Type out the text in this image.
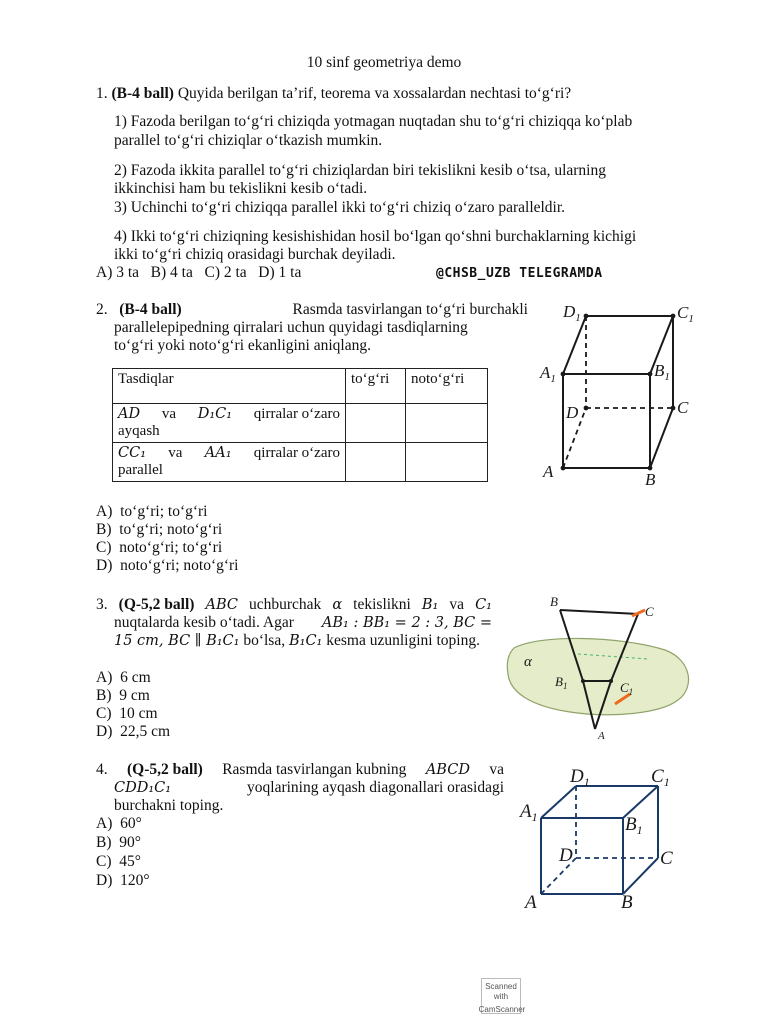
10 sinf geometriya demo
1. (B-4 ball) Quyida berilgan ta’rif, teorema va xossalardan nechtasi to‘g‘ri?
1) Fazoda berilgan to‘g‘ri chiziqda yotmagan nuqtadan shu to‘g‘ri chiziqqa ko‘plab
parallel to‘g‘ri chiziqlar o‘tkazish mumkin.
2) Fazoda ikkita parallel to‘g‘ri chiziqlardan biri tekislikni kesib o‘tsa, ularning
ikkinchisi ham bu tekislikni kesib o‘tadi.
3) Uchinchi to‘g‘ri chiziqqa parallel ikki to‘g‘ri chiziq o‘zaro paralleldir.
4) Ikki to‘g‘ri chiziqning kesishishidan hosil bo‘lgan qo‘shni burchaklarning kichigi
ikki to‘g‘ri chiziq orasidagi burchak deyiladi.
A) 3 ta   B) 4 ta   C) 2 ta   D) 1 ta	@CHSB_UZB TELEGRAMDA
2. (B-4 ball)	Rasmda tasvirlangan to‘g‘ri burchakli
parallelepipedning qirralari uchun quyidagi tasdiqlarning
to‘g‘ri yoki noto‘g‘ri ekanligini aniqlang.
Tasdiqlar	to‘g‘ri	noto‘g‘ri

AD va D₁C₁ qirralar o‘zaro
ayqash		

CC₁ va AA₁ qirralar o‘zaro
parallel		

A)  to‘g‘ri; to‘g‘ri
B)  to‘g‘ri; noto‘g‘ri
C)  noto‘g‘ri; to‘g‘ri
D)  noto‘g‘ri; noto‘g‘ri
$D_1$	$C_1$
$A_1$	$B_1$
D	C
A	B
3. (Q-5,2 ball) ABC uchburchak α tekislikni B₁ va C₁
nuqtalarda kesib o‘tadi. Agar AB₁ : BB₁ = 2 : 3, BC =
15 cm, BC ∥ B₁C₁ bo‘lsa, B₁C₁ kesma uzunligini toping.
A)  6 cm
B)  9 cm
C)  10 cm
D)  22,5 cm
B
C
α
$B_1$	$C_1$
A
4. (Q-5,2 ball) Rasmda tasvirlangan kubning ABCD va
CDD₁C₁	yoqlarining ayqash diagonallari orasidagi
burchakni toping.
A)  60°
B)  90°
C)  45°
D)  120°
$D_1$	$C_1$
$A_1$	$B_1$
D	C
A	B
Scanned with
CamScanner
